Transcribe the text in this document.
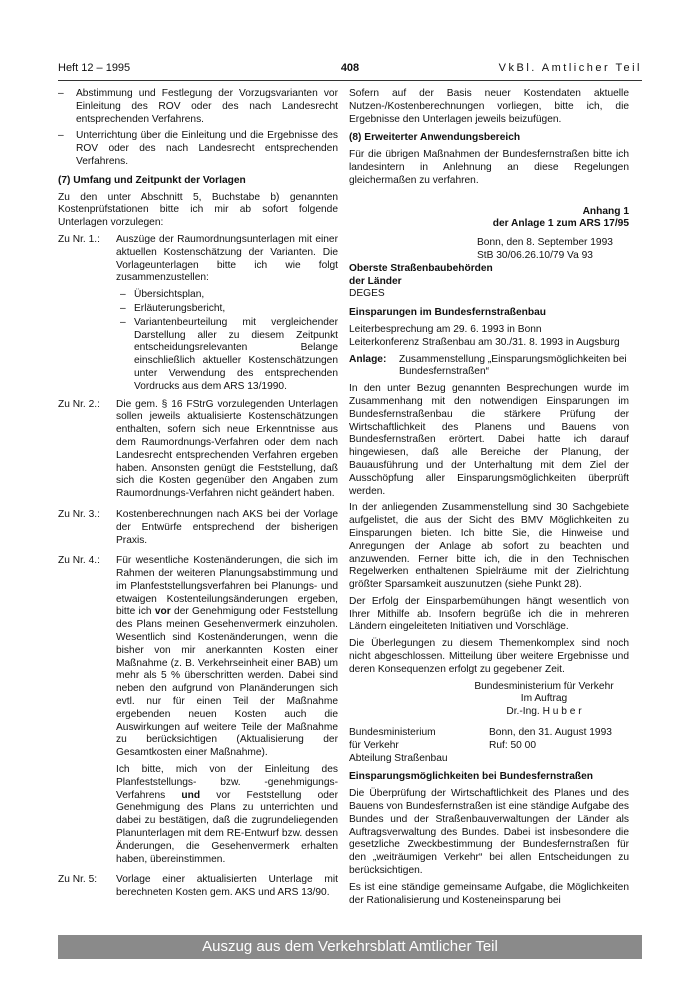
Heft 12 – 1995	408	VkBl. Amtlicher Teil
– Abstimmung und Festlegung der Vorzugsvarianten vor Einleitung des ROV oder des nach Landesrecht entsprechenden Verfahrens.
– Unterrichtung über die Einleitung und die Ergebnisse des ROV oder des nach Landesrecht entsprechenden Verfahrens.
(7) Umfang und Zeitpunkt der Vorlagen

Zu den unter Abschnitt 5, Buchstabe b) genannten Kostenprüfstationen bitte ich mir ab sofort folgende Unterlagen vorzulegen:

Zu Nr. 1.:	Auszüge der Raumordnungsunterlagen mit einer aktuellen Kostenschätzung der Varianten. Die Vorlageunterlagen bitte ich wie folgt zusammenzustellen:

– Übersichtsplan,
– Erläuterungsbericht,
– Variantenbeurteilung mit vergleichender Darstellung aller zu diesem Zeitpunkt entscheidungsrelevanten Belange einschließlich aktueller Kostenschätzungen unter Verwendung des entsprechenden Vordrucks aus dem ARS 13/1990.
Zu Nr. 2.:	Die gem. § 16 FStrG vorzulegenden Unterlagen sollen jeweils aktualisierte Kostenschätzungen enthalten, sofern sich neue Erkenntnisse aus dem Raumordnungs-Verfahren oder dem nach Landesrecht entsprechenden Verfahren ergeben haben. Ansonsten genügt die Feststellung, daß sich die Kosten gegenüber den Angaben zum Raumordnungs-Verfahren nicht geändert haben.

Zu Nr. 3.:	Kostenberechnungen nach AKS bei der Vorlage der Entwürfe entsprechend der bisherigen Praxis.

Zu Nr. 4.:	Für wesentliche Kostenänderungen, die sich im Rahmen der weiteren Planungsabstimmung und im Planfeststellungsverfahren bei Planungs- und etwaigen Kostenteilungsänderungen ergeben, bitte ich vor der Genehmigung oder Feststellung des Plans meinen Gesehenvermerk einzuholen. Wesentlich sind Kostenänderungen, wenn die bisher von mir anerkannten Kosten einer Maßnahme (z. B. Verkehrseinheit einer BAB) um mehr als 5 % überschritten werden. Dabei sind neben den aufgrund von Planänderungen sich evtl. nur für einen Teil der Maßnahme ergebenden neuen Kosten auch die Auswirkungen auf weitere Teile der Maßnahme zu berücksichtigen (Aktualisierung der Gesamtkosten einer Maßnahme).

Ich bitte, mich von der Einleitung des Planfeststellungs- bzw. -genehmigungs-Verfahrens und vor Feststellung oder Genehmigung des Plans zu unterrichten und dabei zu bestätigen, daß die zugrundeliegenden Planunterlagen mit dem RE-Entwurf bzw. dessen Änderungen, die Gesehenvermerk erhalten haben, übereinstimmen.

Zu Nr. 5:	Vorlage einer aktualisierten Unterlage mit berechneten Kosten gem. AKS und ARS 13/90.

Sofern auf der Basis neuer Kostendaten aktuelle Nutzen-/Kostenberechnungen vorliegen, bitte ich, die Ergebnisse den Unterlagen jeweils beizufügen.

(8) Erweiterter Anwendungsbereich

Für die übrigen Maßnahmen der Bundesfernstraßen bitte ich landesintern in Anlehnung an diese Regelungen gleichermaßen zu verfahren.

Anhang 1
der Anlage 1 zum ARS 17/95
Bonn, den 8. September 1993
StB 30/06.26.10/79 Va 93
Oberste Straßenbaubehörden
der Länder
DEGES
Einsparungen im Bundesfernstraßenbau
Leiterbesprechung am 29. 6. 1993 in Bonn

Leiterkonferenz Straßenbau am 30./31. 8. 1993 in Augsburg

Anlage:	Zusammenstellung „Einsparungsmöglichkeiten bei Bundesfernstraßen“

In den unter Bezug genannten Besprechungen wurde im Zusammenhang mit den notwendigen Einsparungen im Bundesfernstraßenbau die stärkere Prüfung der Wirtschaftlichkeit des Planens und Bauens von Bundesfernstraßen erörtert. Dabei hatte ich darauf hingewiesen, daß alle Bereiche der Planung, der Bauausführung und der Unterhaltung mit dem Ziel der Ausschöpfung aller Einsparungsmöglichkeiten überprüft werden.

In der anliegenden Zusammenstellung sind 30 Sachgebiete aufgelistet, die aus der Sicht des BMV Möglichkeiten zu Einsparungen bieten. Ich bitte Sie, die Hinweise und Anregungen der Anlage ab sofort zu beachten und anzuwenden. Ferner bitte ich, die in den Technischen Regelwerken enthaltenen Spielräume mit der Zielrichtung größter Sparsamkeit auszunutzen (siehe Punkt 28).

Der Erfolg der Einsparbemühungen hängt wesentlich von Ihrer Mithilfe ab. Insofern begrüße ich die in mehreren Ländern eingeleiteten Initiativen und Vorschläge.

Die Überlegungen zu diesem Themenkomplex sind noch nicht abgeschlossen. Mitteilung über weitere Ergebnisse und deren Konsequenzen erfolgt zu gegebener Zeit.

Bundesministerium für Verkehr
Im Auftrag
Dr.-Ing. H u b e r
Bundesministerium
für Verkehr
Abteilung Straßenbau
Bonn, den 31. August 1993
Ruf: 50 00
Einsparungsmöglichkeiten bei Bundesfernstraßen

Die Überprüfung der Wirtschaftlichkeit des Planes und des Bauens von Bundesfernstraßen ist eine ständige Aufgabe des Bundes und der Straßenbauverwaltungen der Länder als Auftragsverwaltung des Bundes. Dabei ist insbesondere die gesetzliche Zweckbestimmung der Bundesfernstraßen für den „weiträumigen Verkehr“ bei allen Entscheidungen zu berücksichtigen.

Es ist eine ständige gemeinsame Aufgabe, die Möglichkeiten der Rationalisierung und Kosteneinsparung bei

Auszug aus dem Verkehrsblatt Amtlicher Teil
